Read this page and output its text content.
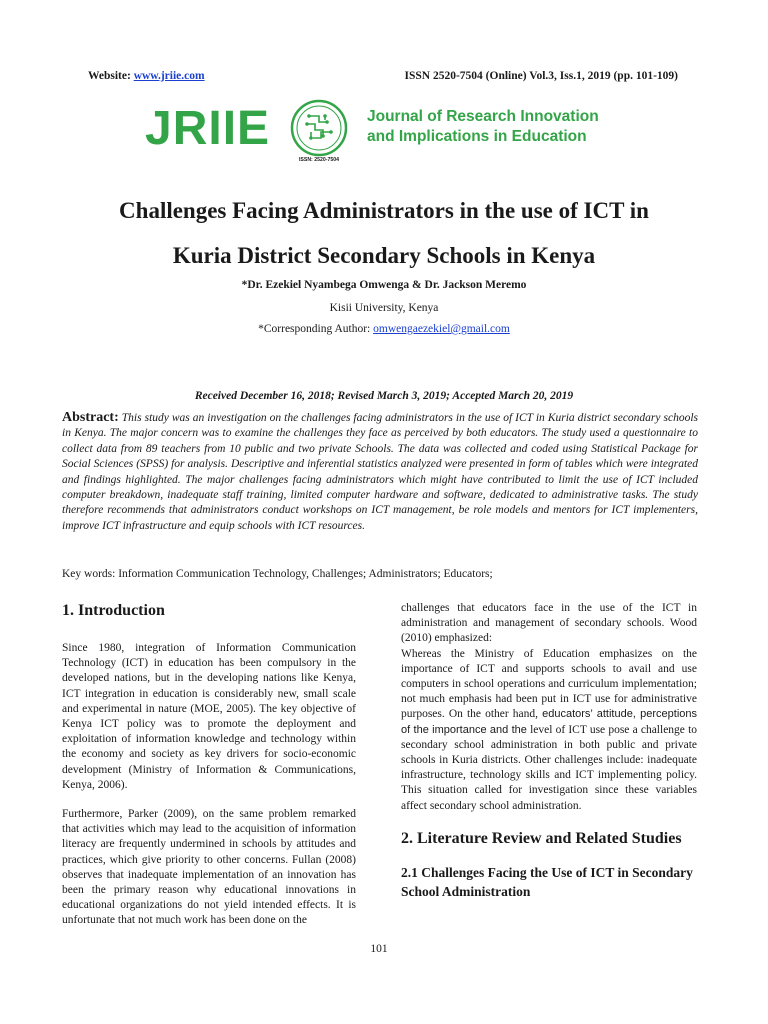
Website: www.jriie.com	ISSN 2520-7504 (Online) Vol.3, Iss.1, 2019 (pp. 101-109)
JRIIE
ISSN: 2520-7504
Journal of Research Innovation
and Implications in Education
Challenges Facing Administrators in the use of ICT in
Kuria District Secondary Schools in Kenya
*Dr. Ezekiel Nyambega Omwenga & Dr. Jackson Meremo
Kisii University, Kenya
*Corresponding Author: omwengaezekiel@gmail.com
Received December 16, 2018; Revised March 3, 2019; Accepted March 20, 2019
Abstract: This study was an investigation on the challenges facing administrators in the use of ICT in Kuria district secondary schools in Kenya. The major concern was to examine the challenges they face as perceived by both educators. The study used a questionnaire to collect data from 89 teachers from 10 public and two private Schools. The data was collected and coded using Statistical Package for Social Sciences (SPSS) for analysis. Descriptive and inferential statistics analyzed were presented in form of tables which were integrated and findings highlighted. The major challenges facing administrators which might have contributed to limit the use of ICT included computer breakdown, inadequate staff training, limited computer hardware and software, dedicated to administrative tasks. The study therefore recommends that administrators conduct workshops on ICT management, be role models and mentors for ICT implementers, improve ICT infrastructure and equip schools with ICT resources.
Key words: Information Communication Technology, Challenges; Administrators; Educators;
1. Introduction

Since 1980, integration of Information Communication Technology (ICT) in education has been compulsory in the developed nations, but in the developing nations like Kenya, ICT integration in education is considerably new, small scale and experimental in nature (MOE, 2005). The key objective of Kenya ICT policy was to promote the deployment and exploitation of information knowledge and technology within the economy and society as key drivers for socio-economic development (Ministry of Information & Communications, Kenya, 2006).

Furthermore, Parker (2009), on the same problem remarked that activities which may lead to the acquisition of information literacy are frequently undermined in schools by attitudes and practices, which give priority to other concerns. Fullan (2008) observes that inadequate implementation of an innovation has been the primary reason why educational innovations in educational organizations do not yield intended effects. It is unfortunate that not much work has been done on the

challenges that educators face in the use of the ICT in administration and management of secondary schools. Wood (2010) emphasized:

Whereas the Ministry of Education emphasizes on the importance of ICT and supports schools to avail and use computers in school operations and curriculum implementation; not much emphasis had been put in ICT use for administrative purposes. On the other hand, educators’ attitude, perceptions of the importance and the level of ICT use pose a challenge to secondary school administration in both public and private schools in Kuria districts. Other challenges include: inadequate infrastructure, technology skills and ICT implementing policy. This situation called for investigation since these variables affect secondary school administration.

2. Literature Review and Related Studies
2.1 Challenges Facing the Use of ICT in Secondary School Administration
101
